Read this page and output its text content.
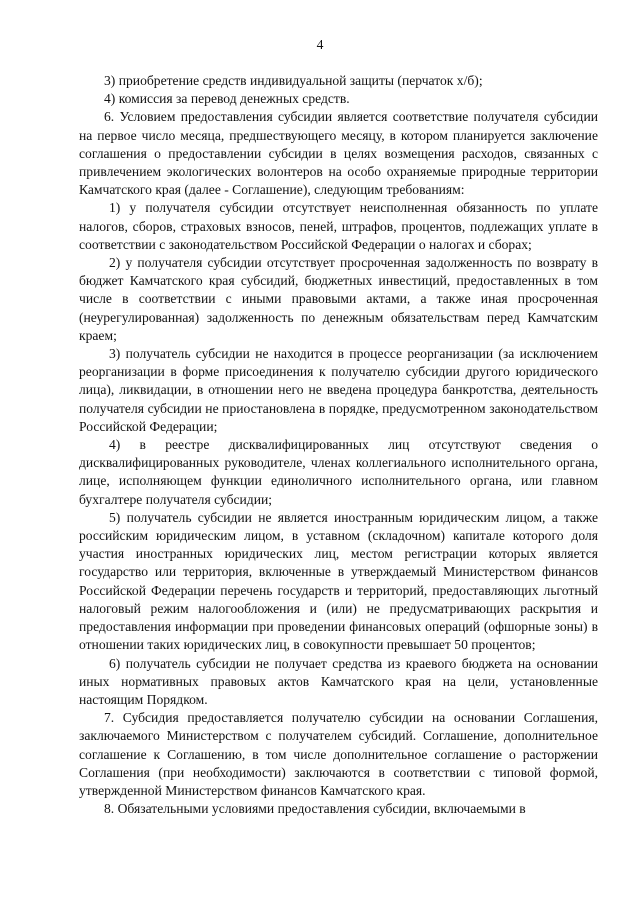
4

3) приобретение средств индивидуальной защиты (перчаток х/б);

4) комиссия за перевод денежных средств.

6. Условием предоставления субсидии является соответствие получателя субсидии на первое число месяца, предшествующего месяцу, в котором планируется заключение соглашения о предоставлении субсидии в целях возмещения расходов, связанных с привлечением экологических волонтеров на особо охраняемые природные территории Камчатского края (далее - Соглашение), следующим требованиям:

1) у получателя субсидии отсутствует неисполненная обязанность по уплате налогов, сборов, страховых взносов, пеней, штрафов, процентов, подлежащих уплате в соответствии с законодательством Российской Федерации о налогах и сборах;

2) у получателя субсидии отсутствует просроченная задолженность по возврату в бюджет Камчатского края субсидий, бюджетных инвестиций, предоставленных в том числе в соответствии с иными правовыми актами, а также иная просроченная (неурегулированная) задолженность по денежным обязательствам перед Камчатским краем;

3) получатель субсидии не находится в процессе реорганизации (за исключением реорганизации в форме присоединения к получателю субсидии другого юридического лица), ликвидации, в отношении него не введена процедура банкротства, деятельность получателя субсидии не приостановлена в порядке, предусмотренном законодательством Российской Федерации;

4) в реестре дисквалифицированных лиц отсутствуют сведения о дисквалифицированных руководителе, членах коллегиального исполнительного органа, лице, исполняющем функции единоличного исполнительного органа, или главном бухгалтере получателя субсидии;

5) получатель субсидии не является иностранным юридическим лицом, а также российским юридическим лицом, в уставном (складочном) капитале которого доля участия иностранных юридических лиц, местом регистрации которых является государство или территория, включенные в утверждаемый Министерством финансов Российской Федерации перечень государств и территорий, предоставляющих льготный налоговый режим налогообложения и (или) не предусматривающих раскрытия и предоставления информации при проведении финансовых операций (офшорные зоны) в отношении таких юридических лиц, в совокупности превышает 50 процентов;

6) получатель субсидии не получает средства из краевого бюджета на основании иных нормативных правовых актов Камчатского края на цели, установленные настоящим Порядком.

7. Субсидия предоставляется получателю субсидии на основании Соглашения, заключаемого Министерством с получателем субсидий. Соглашение, дополнительное соглашение к Соглашению, в том числе дополнительное соглашение о расторжении Соглашения (при необходимости) заключаются в соответствии с типовой формой, утвержденной Министерством финансов Камчатского края.

8. Обязательными условиями предоставления субсидии, включаемыми в
